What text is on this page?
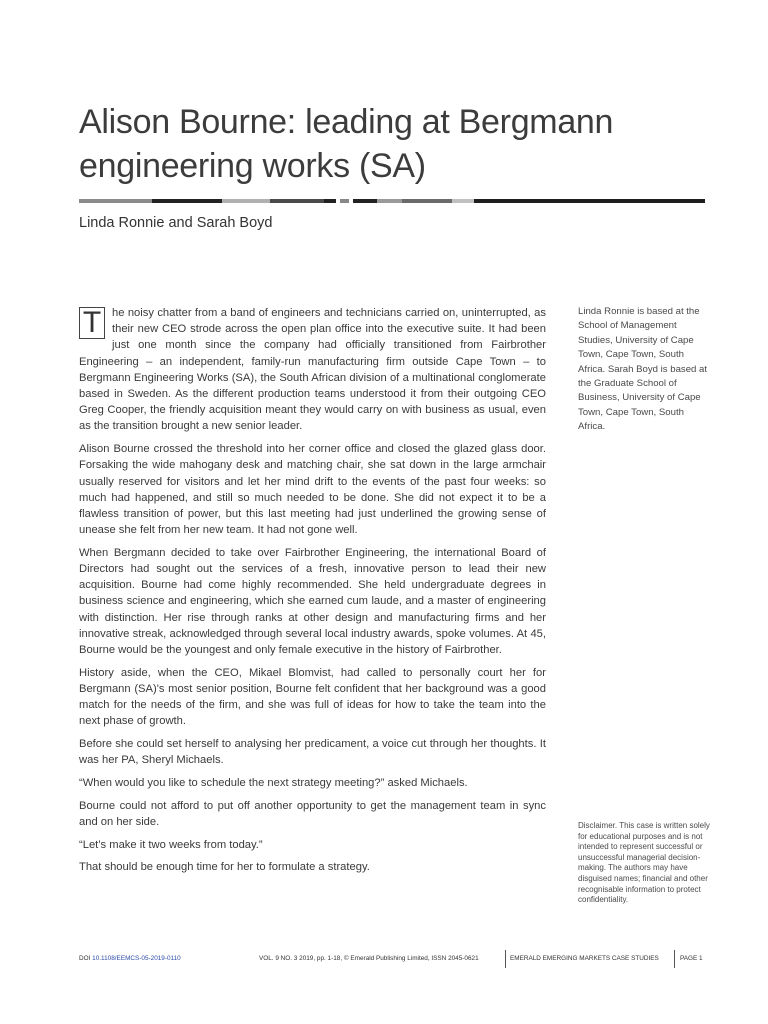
Alison Bourne: leading at Bergmann engineering works (SA)
Linda Ronnie and Sarah Boyd

T he noisy chatter from a band of engineers and technicians carried on, uninterrupted, as their new CEO strode across the open plan office into the executive suite. It had been just one month since the company had officially transitioned from Fairbrother Engineering – an independent, family-run manufacturing firm outside Cape Town – to Bergmann Engineering Works (SA), the South African division of a multinational conglomerate based in Sweden. As the different production teams understood it from their outgoing CEO Greg Cooper, the friendly acquisition meant they would carry on with business as usual, even as the transition brought a new senior leader.

Alison Bourne crossed the threshold into her corner office and closed the glazed glass door. Forsaking the wide mahogany desk and matching chair, she sat down in the large armchair usually reserved for visitors and let her mind drift to the events of the past four weeks: so much had happened, and still so much needed to be done. She did not expect it to be a flawless transition of power, but this last meeting had just underlined the growing sense of unease she felt from her new team. It had not gone well.

When Bergmann decided to take over Fairbrother Engineering, the international Board of Directors had sought out the services of a fresh, innovative person to lead their new acquisition. Bourne had come highly recommended. She held undergraduate degrees in business science and engineering, which she earned cum laude, and a master of engineering with distinction. Her rise through ranks at other design and manufacturing firms and her innovative streak, acknowledged through several local industry awards, spoke volumes. At 45, Bourne would be the youngest and only female executive in the history of Fairbrother.

History aside, when the CEO, Mikael Blomvist, had called to personally court her for Bergmann (SA)'s most senior position, Bourne felt confident that her background was a good match for the needs of the firm, and she was full of ideas for how to take the team into the next phase of growth.

Before she could set herself to analysing her predicament, a voice cut through her thoughts. It was her PA, Sheryl Michaels.

“When would you like to schedule the next strategy meeting?” asked Michaels.

Bourne could not afford to put off another opportunity to get the management team in sync and on her side.

“Let’s make it two weeks from today.”

That should be enough time for her to formulate a strategy.

Linda Ronnie is based at the School of Management Studies, University of Cape Town, Cape Town, South Africa. Sarah Boyd is based at the Graduate School of Business, University of Cape Town, Cape Town, South Africa.
Disclaimer. This case is written solely for educational purposes and is not intended to represent successful or unsuccessful managerial decision-making. The authors may have disguised names; financial and other recognisable information to protect confidentiality.
DOI 10.1108/EEMCS-05-2019-0110	VOL. 9 NO. 3 2019, pp. 1-18, © Emerald Publishing Limited, ISSN 2045-0621	EMERALD EMERGING MARKETS CASE STUDIES	PAGE 1
